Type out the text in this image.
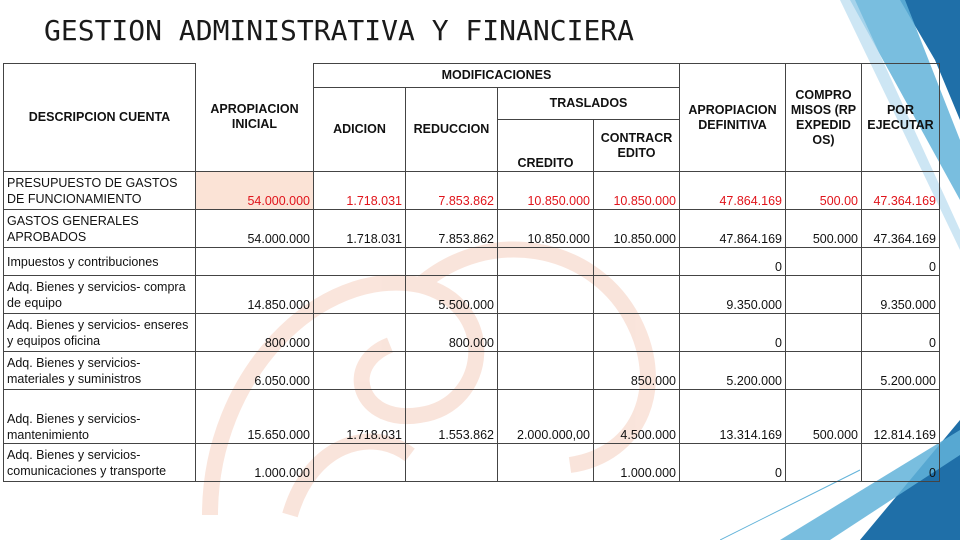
GESTION ADMINISTRATIVA Y FINANCIERA
DESCRIPCION CUENTA	APROPIACION INICIAL	MODIFICACIONES				APROPIACION DEFINITIVA	COMPRO MISOS (RP EXPEDID OS)	POR EJECUTAR
		ADICION	REDUCCION	TRASLADOS				
				CREDITO	CONTRACR EDITO			
PRESUPUESTO DE GASTOS DE FUNCIONAMIENTO	54.000.000	1.718.031	7.853.862	10.850.000	10.850.000	47.864.169	500.00	47.364.169
GASTOS GENERALES APROBADOS	54.000.000	1.718.031	7.853.862	10.850.000	10.850.000	47.864.169	500.000	47.364.169
Impuestos y contribuciones						0		0
Adq. Bienes y servicios- compra de equipo	14.850.000		5.500.000			9.350.000		9.350.000
Adq. Bienes y servicios- enseres y equipos oficina	800.000		800.000			0		0
Adq. Bienes y servicios- materiales y suministros	6.050.000				850.000	5.200.000		5.200.000
Adq. Bienes y servicios- mantenimiento	15.650.000	1.718.031	1.553.862	2.000.000,00	4.500.000	13.314.169	500.000	12.814.169
Adq. Bienes y servicios- comunicaciones y transporte	1.000.000				1.000.000	0		0
